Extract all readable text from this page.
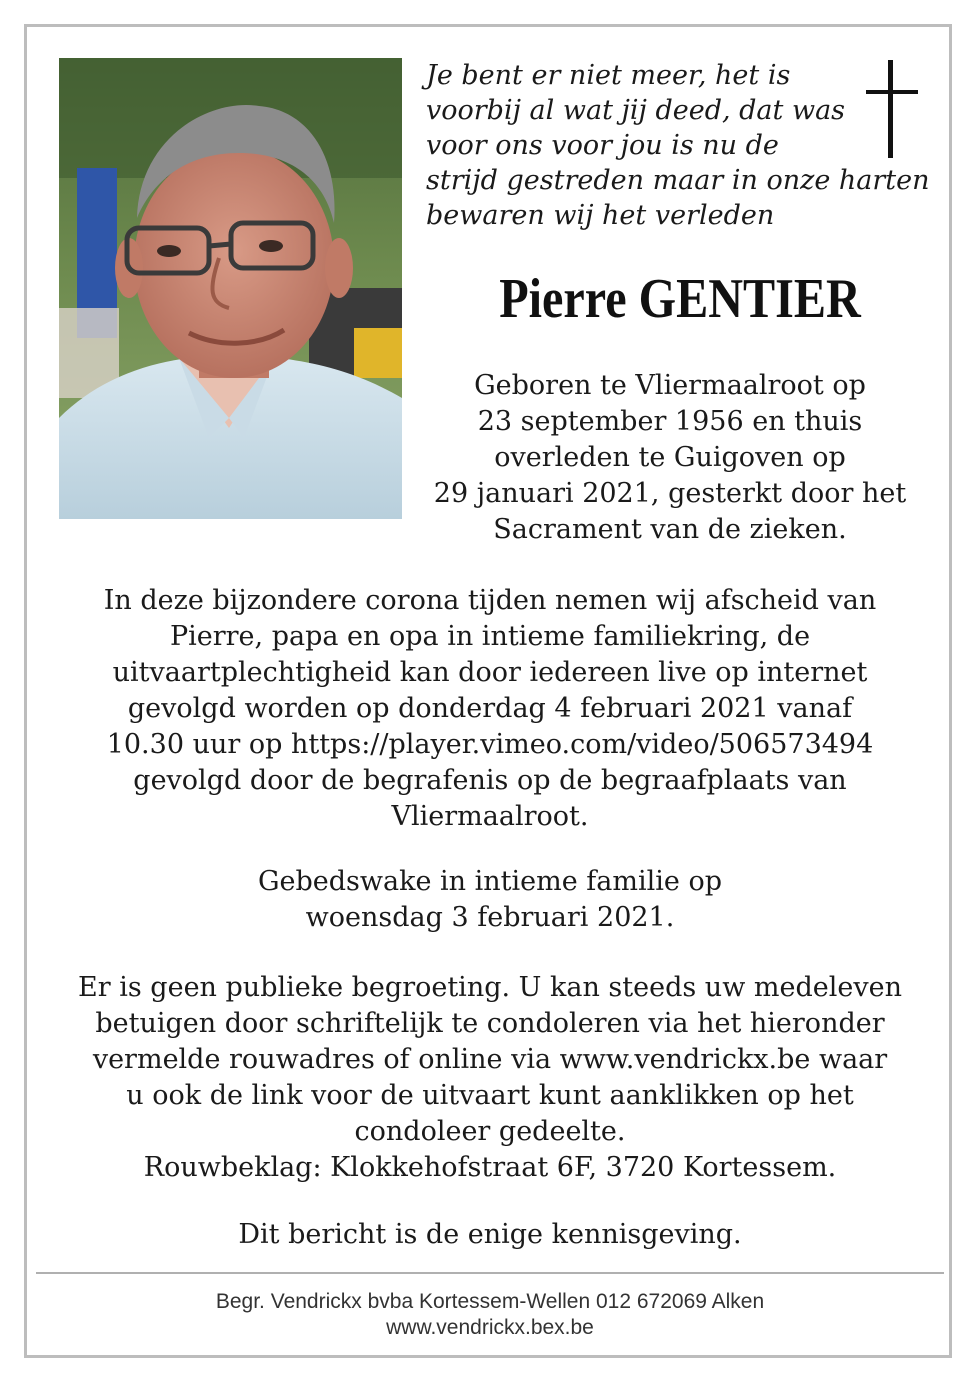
Je bent er niet meer, het is
voorbij al wat jij deed, dat was
voor ons voor jou is nu de
strijd gestreden maar in onze harten
bewaren wij het verleden
Pierre GENTIER
Geboren te Vliermaalroot op
23 september 1956 en thuis
overleden te Guigoven op
29 januari 2021, gesterkt door het
Sacrament van de zieken.
In deze bijzondere corona tijden nemen wij afscheid van
Pierre, papa en opa in intieme familiekring, de
uitvaartplechtigheid kan door iedereen live op internet
gevolgd worden op donderdag 4 februari 2021 vanaf
10.30 uur op https://player.vimeo.com/video/506573494
gevolgd door de begrafenis op de begraafplaats van
Vliermaalroot.
Gebedswake in intieme familie op
woensdag 3 februari 2021.
Er is geen publieke begroeting. U kan steeds uw medeleven
betuigen door schriftelijk te condoleren via het hieronder
vermelde rouwadres of online via www.vendrickx.be waar
u ook de link voor de uitvaart kunt aanklikken op het
condoleer gedeelte.
Rouwbeklag: Klokkehofstraat 6F, 3720 Kortessem.
Dit bericht is de enige kennisgeving.
Begr. Vendrickx bvba Kortessem-Wellen 012 672069 Alken
www.vendrickx.bex.be
